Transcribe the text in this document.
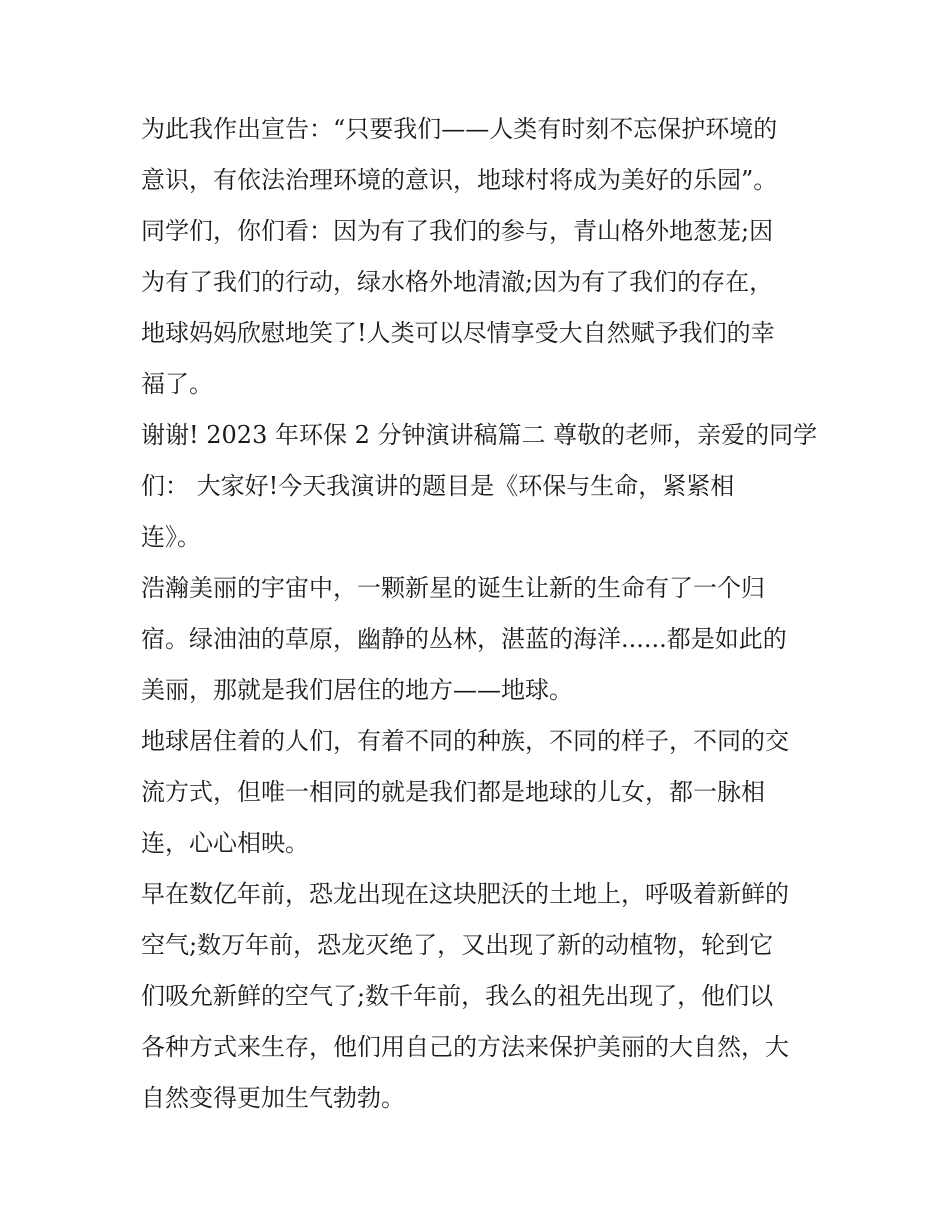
为此我作出宣告：“只要我们——人类有时刻不忘保护环境的
意识，有依法治理环境的意识，地球村将成为美好的乐园”。
同学们，你们看：因为有了我们的参与，青山格外地葱茏;因
为有了我们的行动，绿水格外地清澈;因为有了我们的存在，
地球妈妈欣慰地笑了!人类可以尽情享受大自然赋予我们的幸
福了。
谢谢! 2023 年环保 2 分钟演讲稿篇二 尊敬的老师，亲爱的同学
们： 大家好!今天我演讲的题目是《环保与生命，紧紧相
连》。
浩瀚美丽的宇宙中，一颗新星的诞生让新的生命有了一个归
宿。绿油油的草原，幽静的丛林，湛蓝的海洋......都是如此的
美丽，那就是我们居住的地方——地球。
地球居住着的人们，有着不同的种族，不同的样子，不同的交
流方式，但唯一相同的就是我们都是地球的儿女，都一脉相
连，心心相映。
早在数亿年前，恐龙出现在这块肥沃的土地上，呼吸着新鲜的
空气;数万年前，恐龙灭绝了，又出现了新的动植物，轮到它
们吸允新鲜的空气了;数千年前，我么的祖先出现了，他们以
各种方式来生存，他们用自己的方法来保护美丽的大自然，大
自然变得更加生气勃勃。
